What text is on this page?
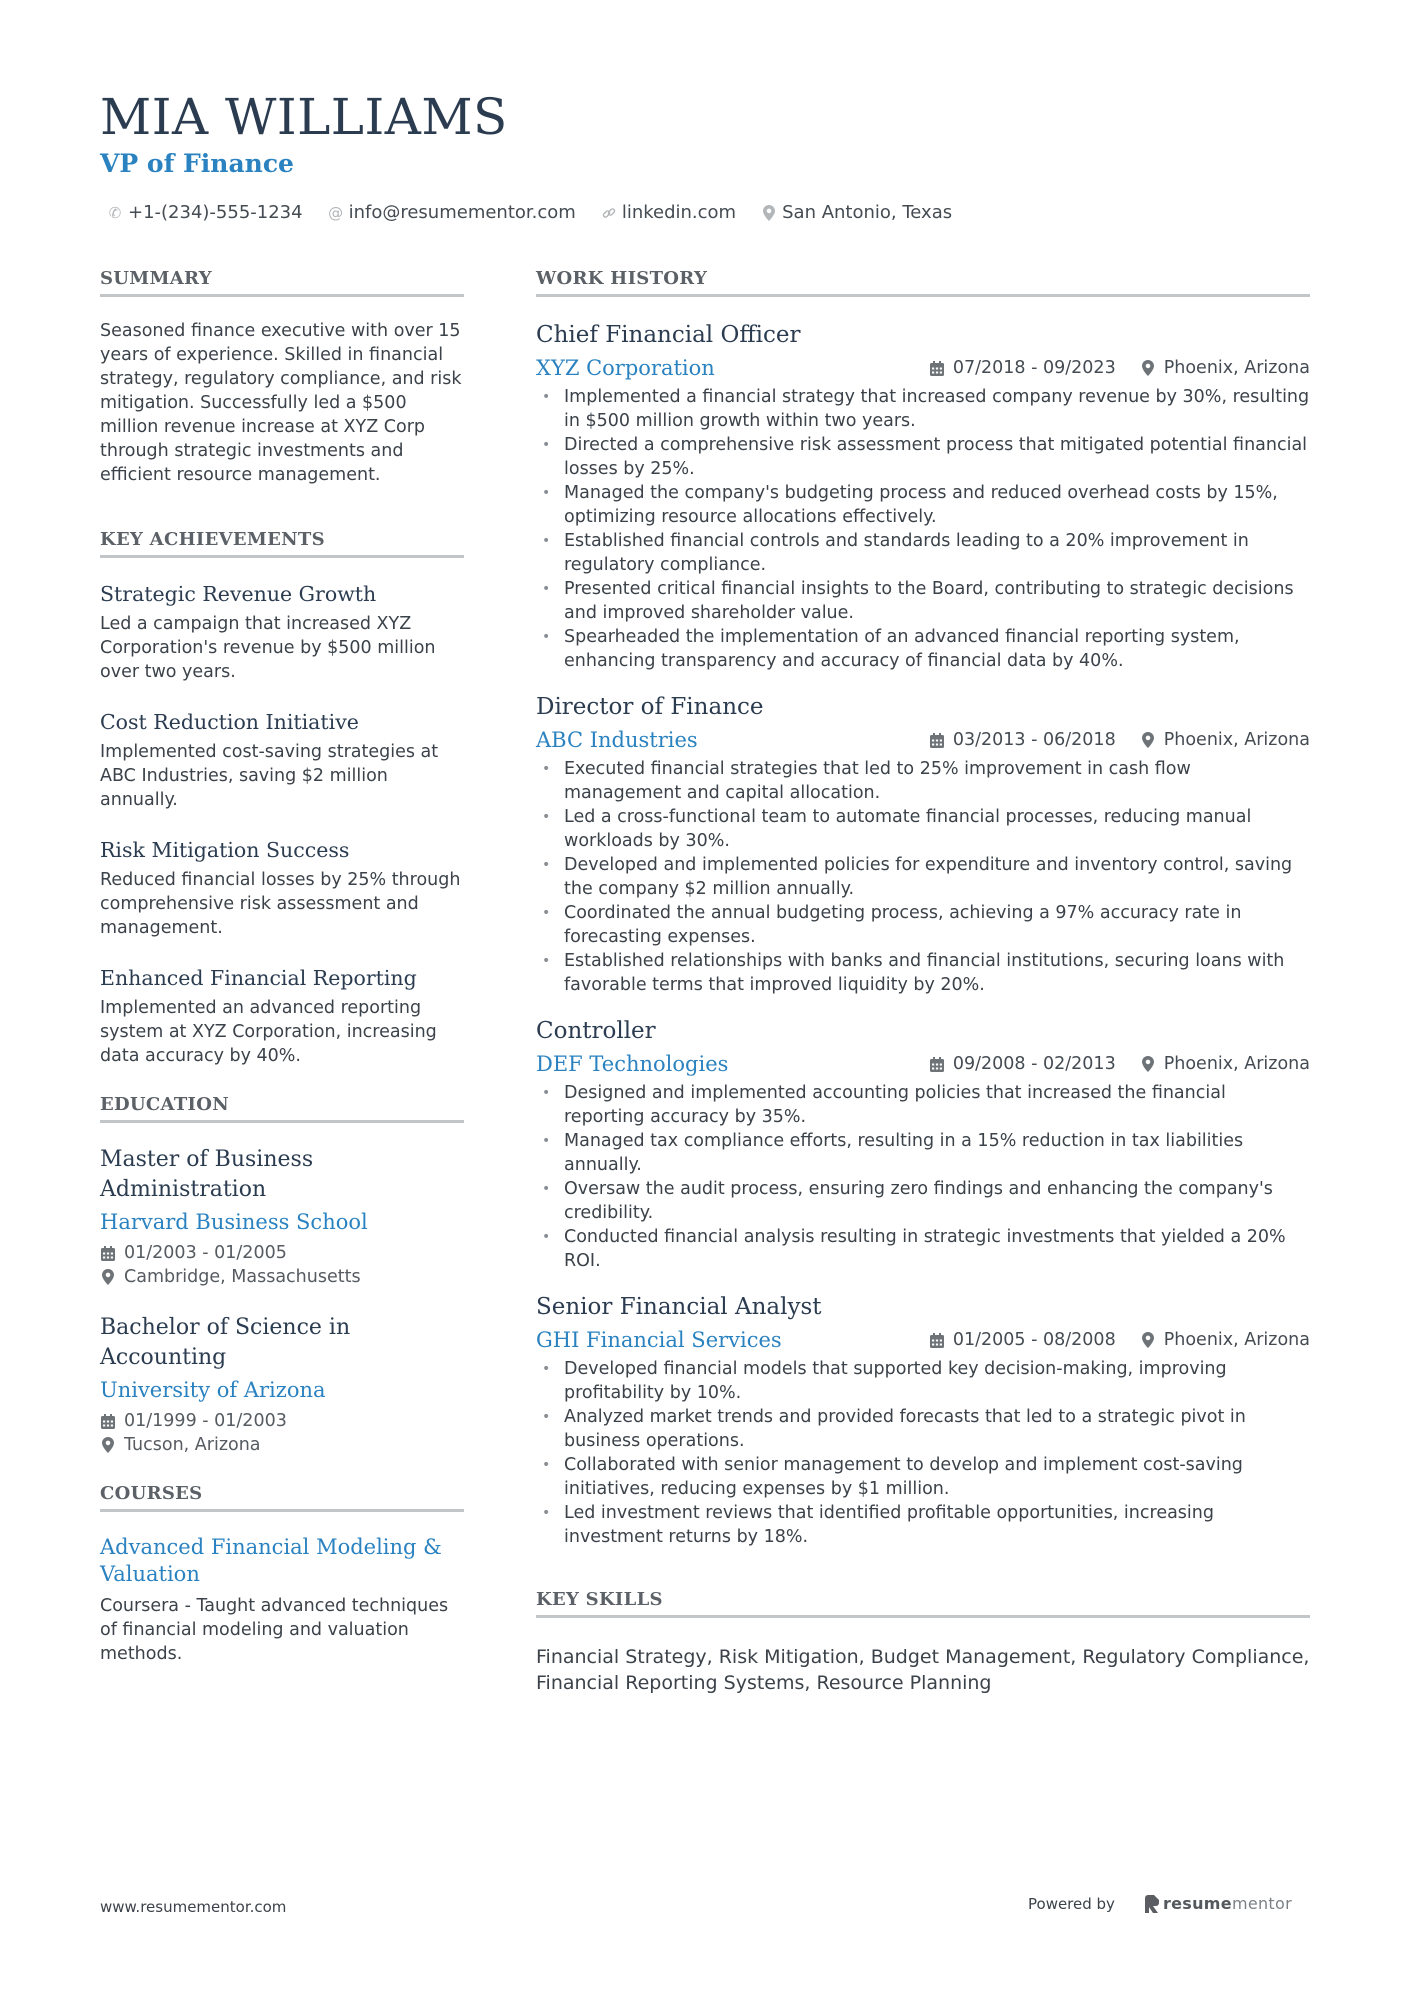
MIA WILLIAMS
VP of Finance
✆ +1-(234)-555-1234 @ info@resumementor.com	linkedin.com	San Antonio, Texas
SUMMARY

Seasoned finance executive with over 15 years of experience. Skilled in financial strategy, regulatory compliance, and risk mitigation. Successfully led a $500 million revenue increase at XYZ Corp through strategic investments and efficient resource management.

KEY ACHIEVEMENTS

Strategic Revenue Growth

Led a campaign that increased XYZ Corporation's revenue by $500 million over two years.

Cost Reduction Initiative

Implemented cost-saving strategies at ABC Industries, saving $2 million annually.

Risk Mitigation Success

Reduced financial losses by 25% through comprehensive risk assessment and management.

Enhanced Financial Reporting

Implemented an advanced reporting system at XYZ Corporation, increasing data accuracy by 40%.

EDUCATION

Master of Business Administration

Harvard Business School

01/2003 - 01/2005
Cambridge, Massachusetts

Bachelor of Science in Accounting

University of Arizona

01/1999 - 01/2003
Tucson, Arizona
COURSES

Advanced Financial Modeling & Valuation

Coursera - Taught advanced techniques of financial modeling and valuation methods.

WORK HISTORY

Chief Financial Officer

XYZ Corporation	07/2018 - 09/2023	Phoenix, Arizona
• Implemented a financial strategy that increased company revenue by 30%, resulting in $500 million growth within two years.
• Directed a comprehensive risk assessment process that mitigated potential financial losses by 25%.
• Managed the company's budgeting process and reduced overhead costs by 15%, optimizing resource allocations effectively.
• Established financial controls and standards leading to a 20% improvement in regulatory compliance.
• Presented critical financial insights to the Board, contributing to strategic decisions and improved shareholder value.
• Spearheaded the implementation of an advanced financial reporting system, enhancing transparency and accuracy of financial data by 40%.

Director of Finance

ABC Industries	03/2013 - 06/2018	Phoenix, Arizona
• Executed financial strategies that led to 25% improvement in cash flow management and capital allocation.
• Led a cross-functional team to automate financial processes, reducing manual workloads by 30%.
• Developed and implemented policies for expenditure and inventory control, saving the company $2 million annually.
• Coordinated the annual budgeting process, achieving a 97% accuracy rate in forecasting expenses.
• Established relationships with banks and financial institutions, securing loans with favorable terms that improved liquidity by 20%.

Controller

DEF Technologies	09/2008 - 02/2013	Phoenix, Arizona
• Designed and implemented accounting policies that increased the financial reporting accuracy by 35%.
• Managed tax compliance efforts, resulting in a 15% reduction in tax liabilities annually.
• Oversaw the audit process, ensuring zero findings and enhancing the company's credibility.
• Conducted financial analysis resulting in strategic investments that yielded a 20% ROI.

Senior Financial Analyst

GHI Financial Services	01/2005 - 08/2008	Phoenix, Arizona
• Developed financial models that supported key decision-making, improving profitability by 10%.
• Analyzed market trends and provided forecasts that led to a strategic pivot in business operations.
• Collaborated with senior management to develop and implement cost-saving initiatives, reducing expenses by $1 million.
• Led investment reviews that identified profitable opportunities, increasing investment returns by 18%.
KEY SKILLS

Financial Strategy, Risk Mitigation, Budget Management, Regulatory Compliance, Financial Reporting Systems, Resource Planning

www.resumementor.com	Powered by	resumementor
